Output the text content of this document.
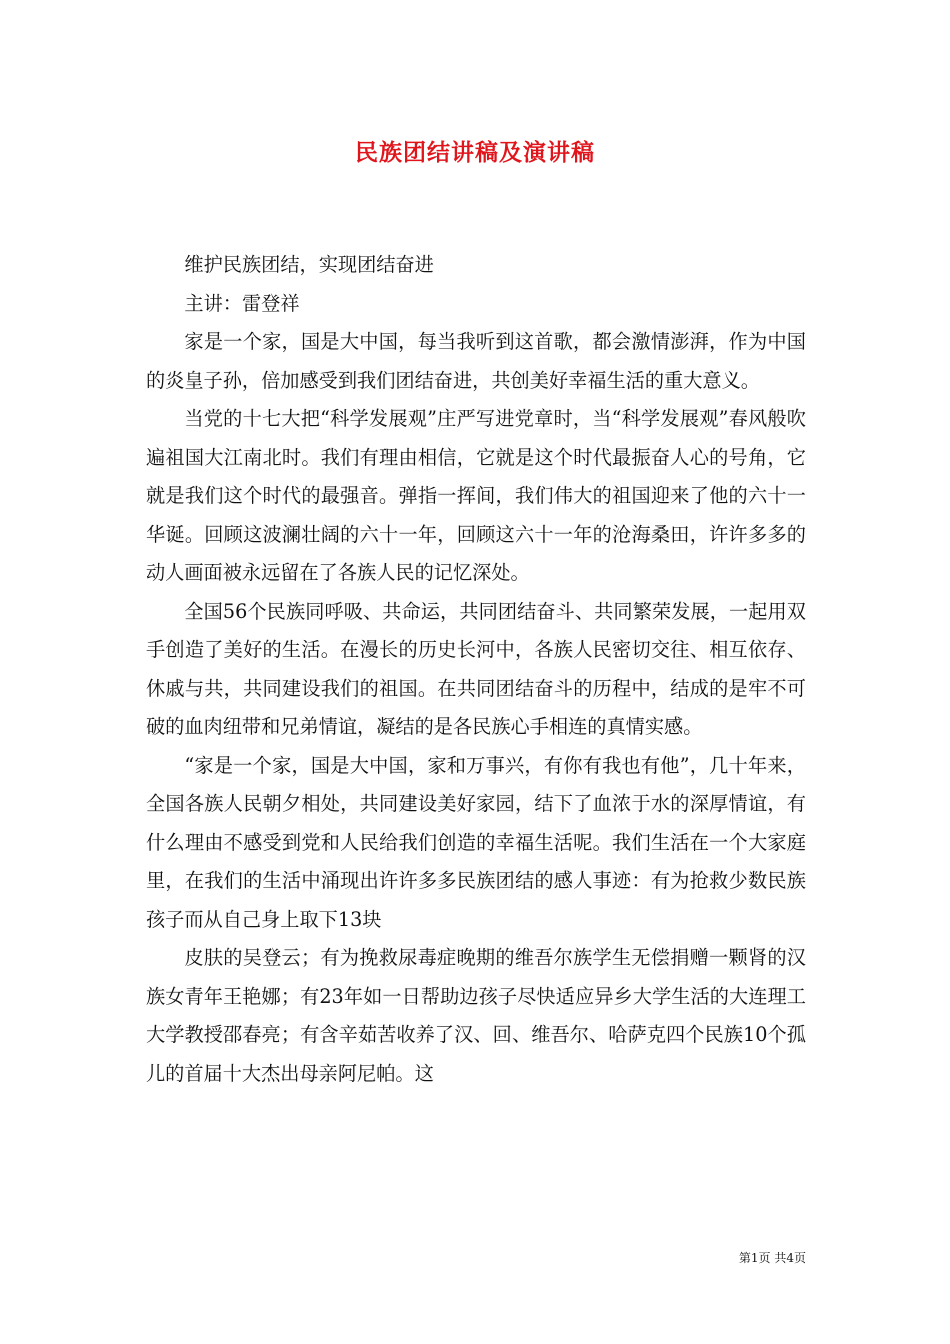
民族团结讲稿及演讲稿

维护民族团结，实现团结奋进

主讲：雷登祥

家是一个家，国是大中国，每当我听到这首歌，都会激情澎湃，作为中国的炎皇子孙，倍加感受到我们团结奋进，共创美好幸福生活的重大意义。

当党的十七大把“科学发展观”庄严写进党章时，当“科学发展观”春风般吹遍祖国大江南北时。我们有理由相信，它就是这个时代最振奋人心的号角，它就是我们这个时代的最强音。弹指一挥间，我们伟大的祖国迎来了他的六十一华诞。回顾这波澜壮阔的六十一年，回顾这六十一年的沧海桑田，许许多多的动人画面被永远留在了各族人民的记忆深处。

全国56个民族同呼吸、共命运，共同团结奋斗、共同繁荣发展，一起用双手创造了美好的生活。在漫长的历史长河中，各族人民密切交往、相互依存、休戚与共，共同建设我们的祖国。在共同团结奋斗的历程中，结成的是牢不可破的血肉纽带和兄弟情谊，凝结的是各民族心手相连的真情实感。

“家是一个家，国是大中国，家和万事兴，有你有我也有他”，几十年来，全国各族人民朝夕相处，共同建设美好家园，结下了血浓于水的深厚情谊，有什么理由不感受到党和人民给我们创造的幸福生活呢。我们生活在一个大家庭里，在我们的生活中涌现出许许多多民族团结的感人事迹：有为抢救少数民族孩子而从自己身上取下13块

皮肤的吴登云；有为挽救尿毒症晚期的维吾尔族学生无偿捐赠一颗肾的汉族女青年王艳娜；有23年如一日帮助边孩子尽快适应异乡大学生活的大连理工大学教授邵春亮；有含辛茹苦收养了汉、回、维吾尔、哈萨克四个民族10个孤儿的首届十大杰出母亲阿尼帕。这

第1页 共4页
